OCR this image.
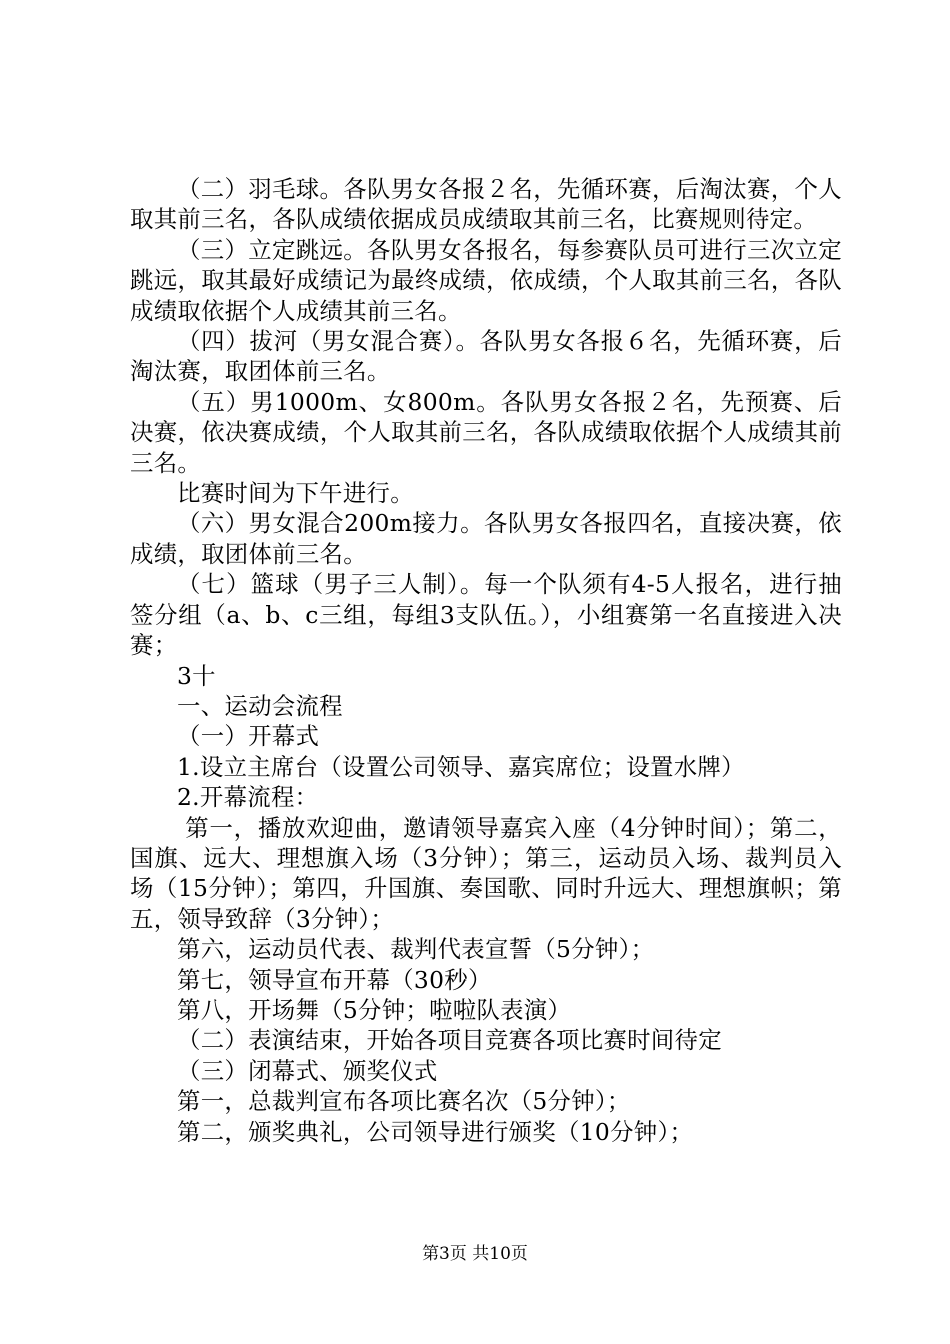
（二）羽毛球。各队男女各报２名，先循环赛，后淘汰赛，个人取其前三名，各队成绩依据成员成绩取其前三名，比赛规则待定。

（三）立定跳远。各队男女各报名，每参赛队员可进行三次立定跳远，取其最好成绩记为最终成绩，依成绩，个人取其前三名，各队成绩取依据个人成绩其前三名。

（四）拔河（男女混合赛）。各队男女各报６名，先循环赛，后淘汰赛，取团体前三名。

（五）男1000m、女800m。各队男女各报２名，先预赛、后决赛，依决赛成绩，个人取其前三名，各队成绩取依据个人成绩其前三名。

比赛时间为下午进行。

（六）男女混合200m接力。各队男女各报四名，直接决赛，依成绩，取团体前三名。

（七）篮球（男子三人制）。每一个队须有4-5人报名，进行抽签分组（a、b、c三组，每组3支队伍。），小组赛第一名直接进入决赛；

3十

一、运动会流程

（一）开幕式

1.设立主席台（设置公司领导、嘉宾席位；设置水牌）

2.开幕流程：

第一，播放欢迎曲，邀请领导嘉宾入座（4分钟时间）；第二，国旗、远大、理想旗入场（3分钟）；第三，运动员入场、裁判员入场（15分钟）；第四，升国旗、奏国歌、同时升远大、理想旗帜；第五，领导致辞（3分钟）；

第六，运动员代表、裁判代表宣誓（5分钟）；

第七，领导宣布开幕（30秒）

第八，开场舞（5分钟；啦啦队表演）

（二）表演结束，开始各项目竞赛各项比赛时间待定

（三）闭幕式、颁奖仪式

第一，总裁判宣布各项比赛名次（5分钟）；

第二，颁奖典礼，公司领导进行颁奖（10分钟）；

第3页 共10页
